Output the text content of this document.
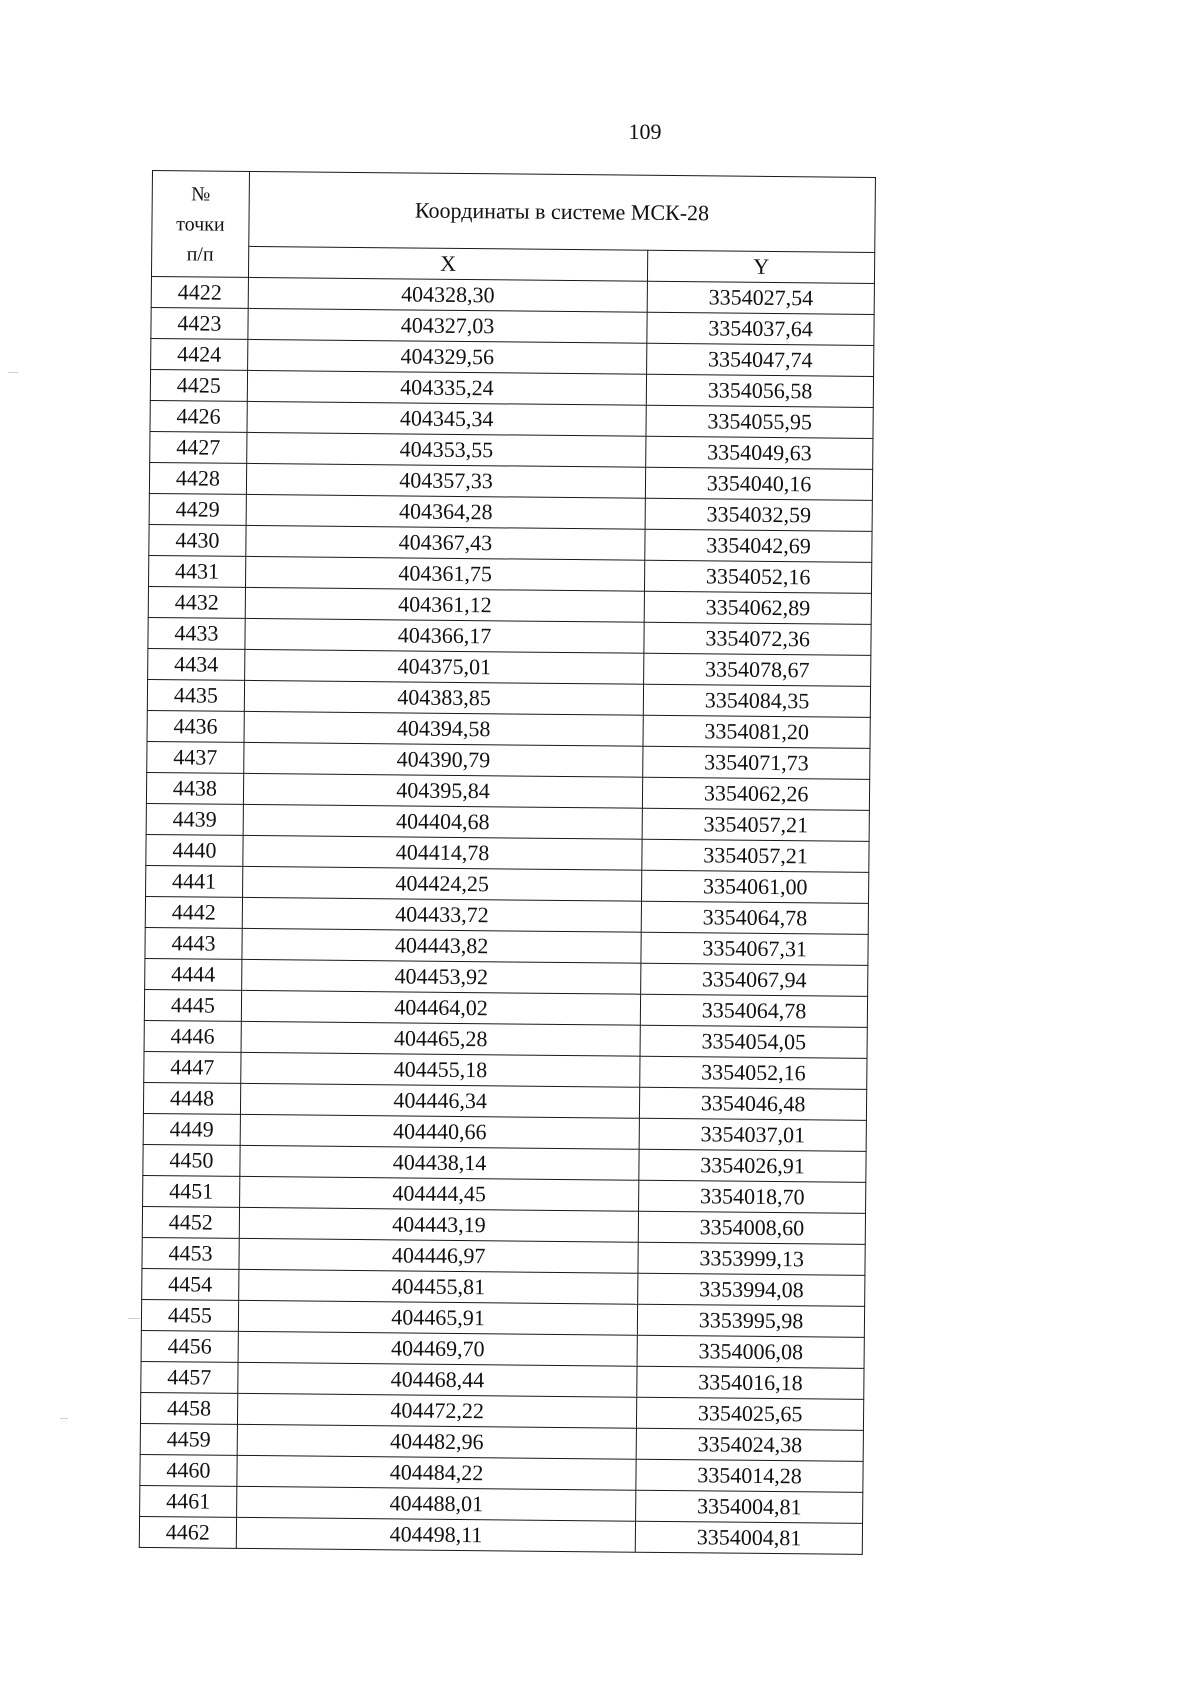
109
№
точки
п/п	Координаты в системе МСК-28	
	X	Y
4422	404328,30	3354027,54
4423	404327,03	3354037,64
4424	404329,56	3354047,74
4425	404335,24	3354056,58
4426	404345,34	3354055,95
4427	404353,55	3354049,63
4428	404357,33	3354040,16
4429	404364,28	3354032,59
4430	404367,43	3354042,69
4431	404361,75	3354052,16
4432	404361,12	3354062,89
4433	404366,17	3354072,36
4434	404375,01	3354078,67
4435	404383,85	3354084,35
4436	404394,58	3354081,20
4437	404390,79	3354071,73
4438	404395,84	3354062,26
4439	404404,68	3354057,21
4440	404414,78	3354057,21
4441	404424,25	3354061,00
4442	404433,72	3354064,78
4443	404443,82	3354067,31
4444	404453,92	3354067,94
4445	404464,02	3354064,78
4446	404465,28	3354054,05
4447	404455,18	3354052,16
4448	404446,34	3354046,48
4449	404440,66	3354037,01
4450	404438,14	3354026,91
4451	404444,45	3354018,70
4452	404443,19	3354008,60
4453	404446,97	3353999,13
4454	404455,81	3353994,08
4455	404465,91	3353995,98
4456	404469,70	3354006,08
4457	404468,44	3354016,18
4458	404472,22	3354025,65
4459	404482,96	3354024,38
4460	404484,22	3354014,28
4461	404488,01	3354004,81
4462	404498,11	3354004,81
